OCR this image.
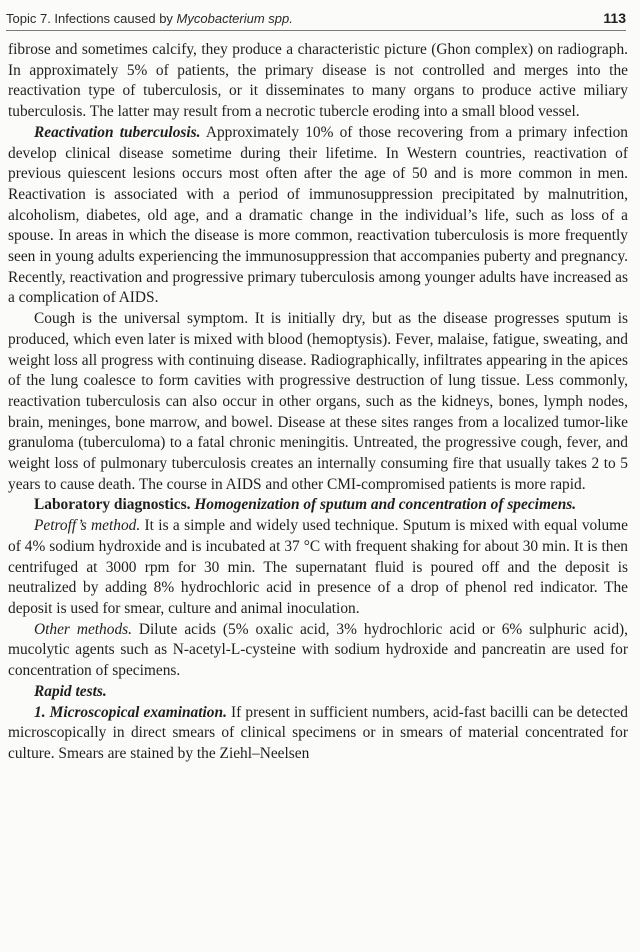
Topic 7. Infections caused by Mycobacterium spp.	113

fibrose and sometimes calcify, they produce a characteristic picture (Ghon complex) on radiograph. In approximately 5% of patients, the primary disease is not controlled and merges into the reactivation type of tuberculosis, or it disseminates to many organs to produce active miliary tuberculosis. The latter may result from a necrotic tubercle eroding into a small blood vessel.

Reactivation tuberculosis. Approximately 10% of those recovering from a primary infection develop clinical disease sometime during their lifetime. In Western countries, reactivation of previous quiescent lesions occurs most often after the age of 50 and is more common in men. Reactivation is associated with a period of immunosuppression precipitated by malnutrition, alcoholism, diabetes, old age, and a dramatic change in the individual’s life, such as loss of a spouse. In areas in which the disease is more common, reactivation tuberculosis is more frequently seen in young adults experiencing the immunosuppression that accompanies puberty and pregnancy. Recently, reactivation and progressive primary tuberculosis among younger adults have increased as a complication of AIDS.

Cough is the universal symptom. It is initially dry, but as the disease progresses sputum is produced, which even later is mixed with blood (hemoptysis). Fever, malaise, fatigue, sweating, and weight loss all progress with continuing disease. Radiographically, infiltrates appearing in the apices of the lung coalesce to form cavities with progressive destruction of lung tissue. Less commonly, reactivation tuberculosis can also occur in other organs, such as the kidneys, bones, lymph nodes, brain, meninges, bone marrow, and bowel. Disease at these sites ranges from a localized tumor-like granuloma (tuberculoma) to a fatal chronic meningitis. Untreated, the progressive cough, fever, and weight loss of pulmonary tuberculosis creates an internally consuming fire that usually takes 2 to 5 years to cause death. The course in AIDS and other CMI-compromised patients is more rapid.

Laboratory diagnostics. Homogenization of sputum and concentration of specimens.

Petroff’s method. It is a simple and widely used technique. Sputum is mixed with equal volume of 4% sodium hydroxide and is incubated at 37 °C with frequent shaking for about 30 min. It is then centrifuged at 3000 rpm for 30 min. The supernatant fluid is poured off and the deposit is neutralized by adding 8% hydrochloric acid in presence of a drop of phenol red indicator. The deposit is used for smear, culture and animal inoculation.

Other methods. Dilute acids (5% oxalic acid, 3% hydrochloric acid or 6% sulphuric acid), mucolytic agents such as N-acetyl-L-cysteine with sodium hydroxide and pancreatin are used for concentration of specimens.

Rapid tests.

1. Microscopical examination. If present in sufficient numbers, acid-fast bacilli can be detected microscopically in direct smears of clinical specimens or in smears of material concentrated for culture. Smears are stained by the Ziehl–Neelsen
